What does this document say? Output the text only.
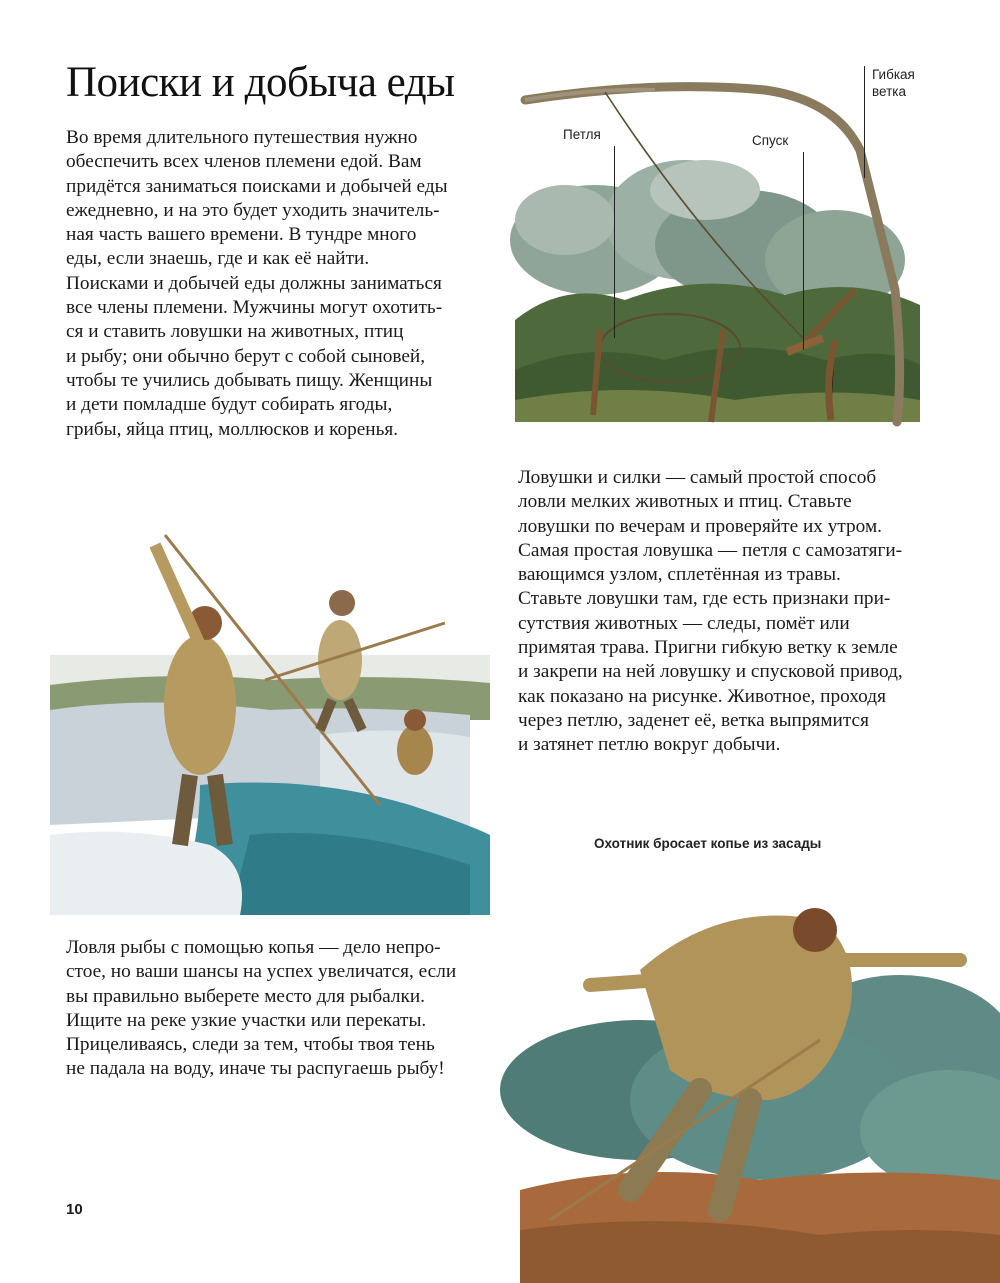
Поиски и добыча еды
Во время длительного путешествия нужно
обеспечить всех членов племени едой. Вам
придётся заниматься поисками и добычей еды
ежедневно, и на это будет уходить значитель-
ная часть вашего времени. В тундре много
еды, если знаешь, где и как её найти.
Поисками и добычей еды должны заниматься
все члены племени. Мужчины могут охотить-
ся и ставить ловушки на животных, птиц
и рыбу; они обычно берут с собой сыновей,
чтобы те учились добывать пищу. Женщины
и дети помладше будут собирать ягоды,
грибы, яйца птиц, моллюсков и коренья.
Петля	Спуск
Гибкая
ветка
Ловушки и силки — самый простой способ
ловли мелких животных и птиц. Ставьте
ловушки по вечерам и проверяйте их утром.
Самая простая ловушка — петля с самозатяги-
вающимся узлом, сплетённая из травы.
Ставьте ловушки там, где есть признаки при-
сутствия животных — следы, помёт или
примятая трава. Пригни гибкую ветку к земле
и закрепи на ней ловушку и спусковой привод,
как показано на рисунке. Животное, проходя
через петлю, заденет её, ветка выпрямится
и затянет петлю вокруг добычи.
Ловля рыбы с помощью копья — дело непро-
стое, но ваши шансы на успех увеличатся, если
вы правильно выберете место для рыбалки.
Ищите на реке узкие участки или перекаты.
Прицеливаясь, следи за тем, чтобы твоя тень
не падала на воду, иначе ты распугаешь рыбу!
Охотник бросает копье из засады
10
